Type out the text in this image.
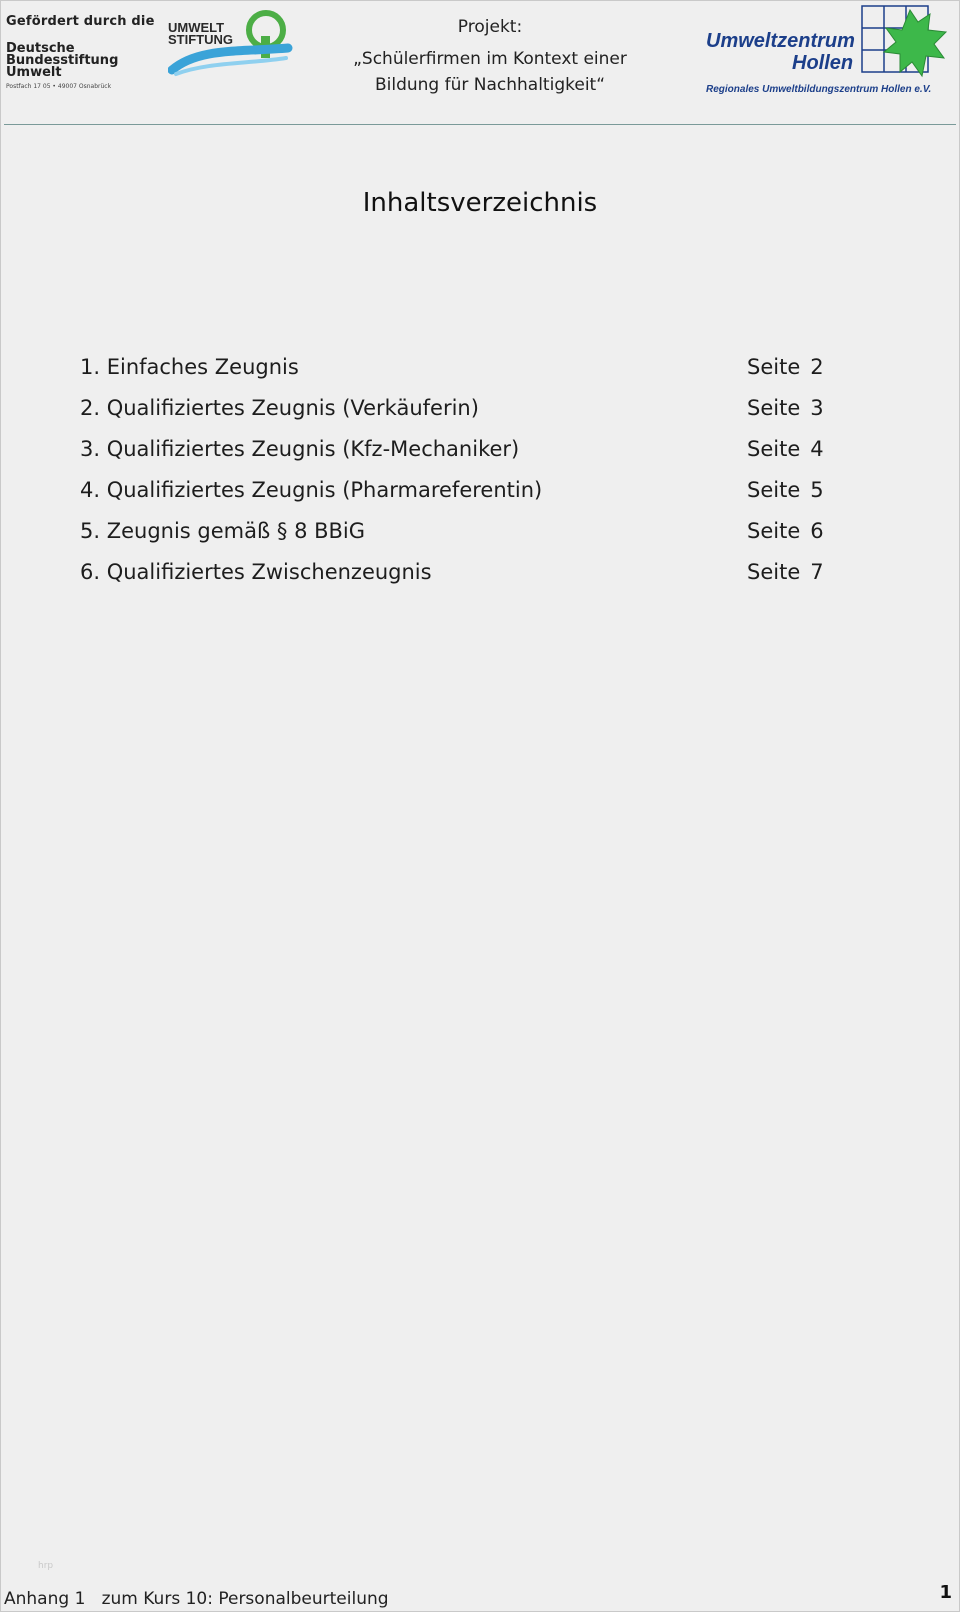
Gefördert durch die
Deutsche
Bundesstiftung
Umwelt
Postfach 17 05 • 49007 Osnabrück
UMWELT
STIFTUNG
Projekt:
„Schülerfirmen im Kontext einer
Bildung für Nachhaltigkeit“
Umweltzentrum
Hollen
Regionales Umweltbildungszentrum Hollen e.V.
Inhaltsverzeichnis
1. Einfaches Zeugnis	Seite 2
2. Qualifiziertes Zeugnis (Verkäuferin)	Seite 3
3. Qualifiziertes Zeugnis (Kfz-Mechaniker)	Seite 4
4. Qualifiziertes Zeugnis (Pharmareferentin)	Seite 5
5. Zeugnis gemäß § 8 BBiG	Seite 6
6. Qualifiziertes Zwischenzeugnis	Seite 7
hrp
Anhang 1   zum Kurs 10: Personalbeurteilung	1
